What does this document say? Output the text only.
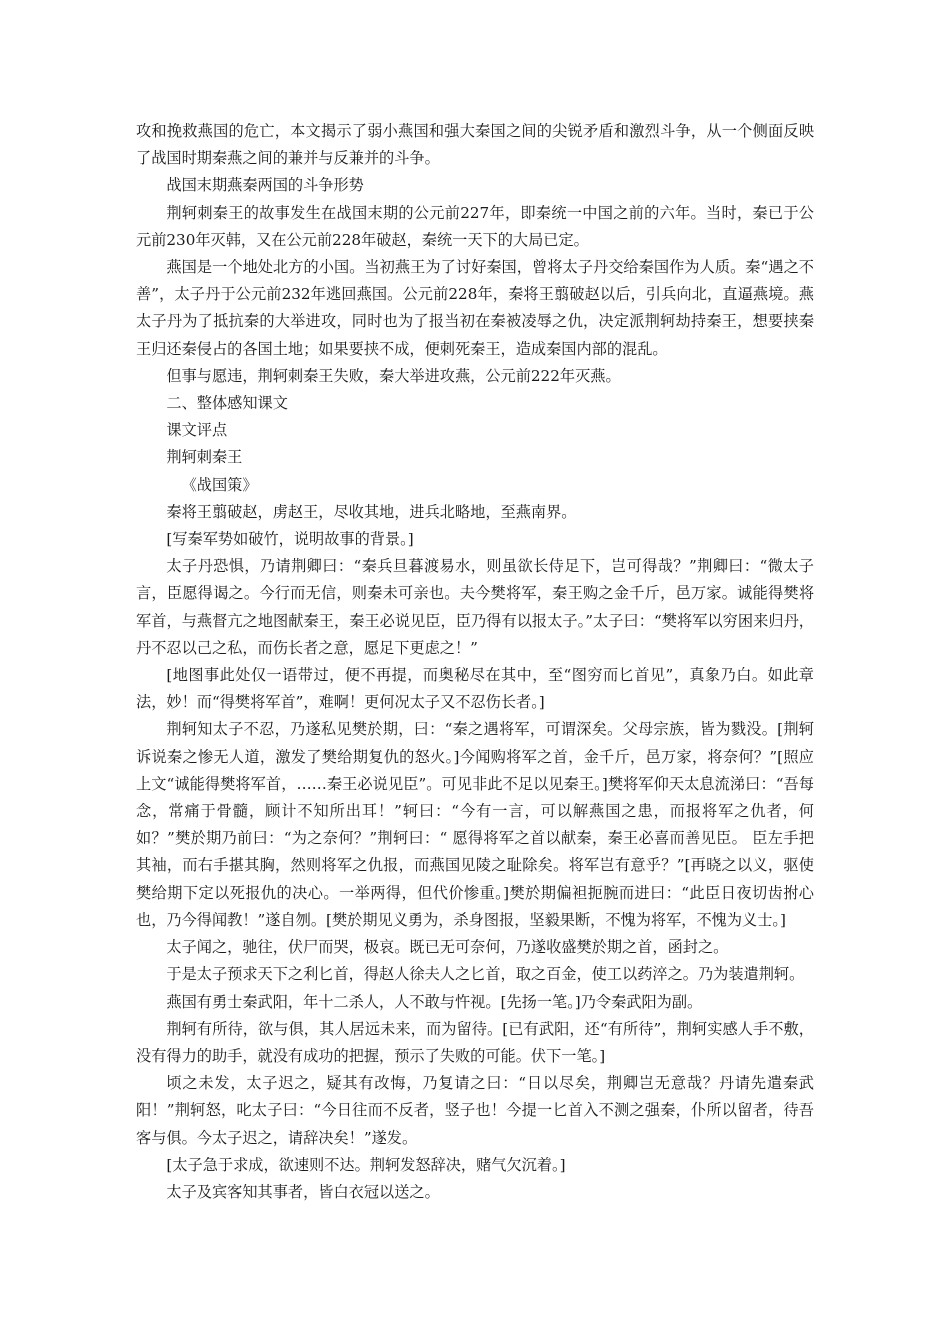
攻和挽救燕国的危亡，本文揭示了弱小燕国和强大秦国之间的尖锐矛盾和激烈斗争，从一个侧面反映了战国时期秦燕之间的兼并与反兼并的斗争。

战国末期燕秦两国的斗争形势

荆轲刺秦王的故事发生在战国末期的公元前227年，即秦统一中国之前的六年。当时，秦已于公元前230年灭韩，又在公元前228年破赵，秦统一天下的大局已定。

燕国是一个地处北方的小国。当初燕王为了讨好秦国，曾将太子丹交给秦国作为人质。秦“遇之不善”，太子丹于公元前232年逃回燕国。公元前228年，秦将王翦破赵以后，引兵向北，直逼燕境。燕太子丹为了抵抗秦的大举进攻，同时也为了报当初在秦被凌辱之仇，决定派荆轲劫持秦王，想要挟秦王归还秦侵占的各国土地；如果要挟不成，便刺死秦王，造成秦国内部的混乱。

但事与愿违，荆轲刺秦王失败，秦大举进攻燕，公元前222年灭燕。

二、整体感知课文

课文评点

荆轲刺秦王

《战国策》

秦将王翦破赵，虏赵王，尽收其地，进兵北略地，至燕南界。

[写秦军势如破竹，说明故事的背景。]

太子丹恐惧，乃请荆卿曰：“秦兵旦暮渡易水，则虽欲长侍足下，岂可得哉？”荆卿曰：“微太子言，臣愿得谒之。今行而无信，则秦未可亲也。夫今樊将军，秦王购之金千斤，邑万家。诚能得樊将军首，与燕督亢之地图献秦王，秦王必说见臣，臣乃得有以报太子。”太子曰：“樊将军以穷困来归丹，丹不忍以己之私，而伤长者之意，愿足下更虑之！”

[地图事此处仅一语带过，便不再提，而奥秘尽在其中，至“图穷而匕首见”，真象乃白。如此章法，妙！而“得樊将军首”，难啊！更何况太子又不忍伤长者。]

荆轲知太子不忍，乃遂私见樊於期，曰：“秦之遇将军，可谓深矣。父母宗族，皆为戮没。[荆轲诉说秦之惨无人道，激发了樊给期复仇的怒火。]今闻购将军之首，金千斤，邑万家，将奈何？”[照应上文“诚能得樊将军首，……秦王必说见臣”。可见非此不足以见秦王。]樊将军仰天太息流涕曰：“吾每念，常痛于骨髓，顾计不知所出耳！”轲曰：“今有一言，可以解燕国之患，而报将军之仇者，何如？”樊於期乃前曰：“为之奈何？”荆轲曰：“ 愿得将军之首以献秦，秦王必喜而善见臣。 臣左手把其袖，而右手揕其胸，然则将军之仇报，而燕国见陵之耻除矣。将军岂有意乎？”[再晓之以义，驱使樊给期下定以死报仇的决心。一举两得，但代价惨重。]樊於期偏袒扼腕而进曰：“此臣日夜切齿拊心也，乃今得闻教！”遂自刎。[樊於期见义勇为，杀身图报，坚毅果断，不愧为将军，不愧为义士。]

太子闻之，驰往，伏尸而哭，极哀。既已无可奈何，乃遂收盛樊於期之首，函封之。

于是太子预求天下之利匕首，得赵人徐夫人之匕首，取之百金，使工以药淬之。乃为装遣荆轲。

燕国有勇士秦武阳，年十二杀人，人不敢与忤视。[先扬一笔。]乃令秦武阳为副。

荆轲有所待，欲与俱，其人居远未来，而为留待。[已有武阳，还“有所待”，荆轲实感人手不敷，没有得力的助手，就没有成功的把握，预示了失败的可能。伏下一笔。]

顷之未发，太子迟之，疑其有改悔，乃复请之曰：“日以尽矣，荆卿岂无意哉？丹请先遣秦武阳！”荆轲怒，叱太子曰：“今日往而不反者，竖子也！今提一匕首入不测之强秦，仆所以留者，待吾客与俱。今太子迟之，请辞决矣！”遂发。

[太子急于求成，欲速则不达。荆轲发怒辞决，赌气欠沉着。]

太子及宾客知其事者，皆白衣冠以送之。
